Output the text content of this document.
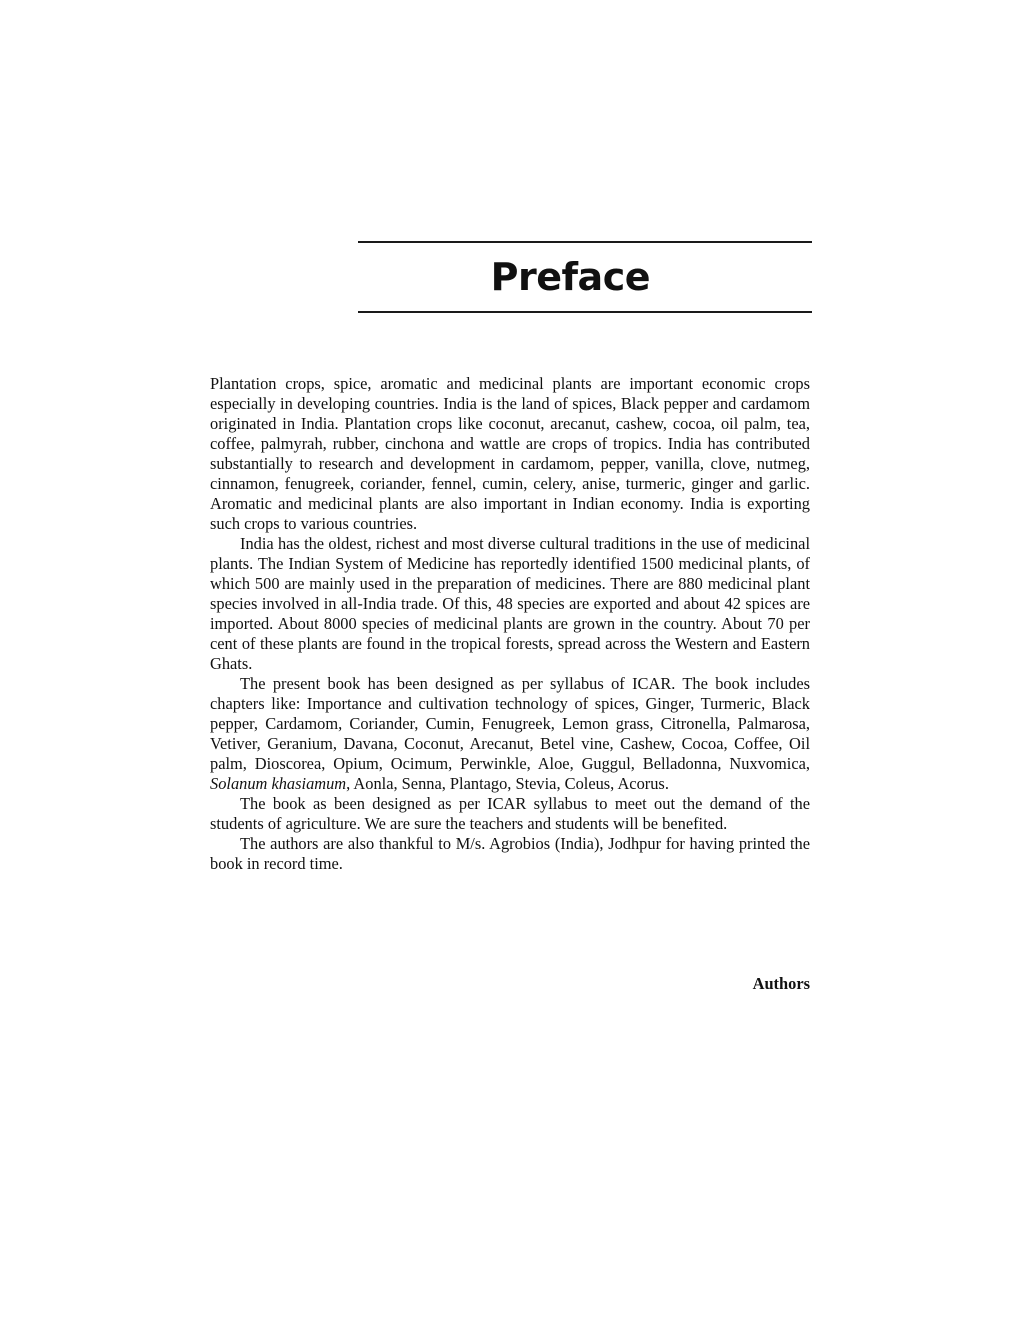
Preface

Plantation crops, spice, aromatic and medicinal plants are important economic crops especially in developing countries. India is the land of spices, Black pepper and cardamom originated in India. Plantation crops like coconut, arecanut, cashew, cocoa, oil palm, tea, coffee, palmyrah, rubber, cinchona and wattle are crops of tropics. India has contributed substantially to research and development in cardamom, pepper, vanilla, clove, nutmeg, cinnamon, fenugreek, coriander, fennel, cumin, celery, anise, turmeric, ginger and garlic. Aromatic and medicinal plants are also important in Indian economy. India is exporting such crops to various countries.

India has the oldest, richest and most diverse cultural traditions in the use of medicinal plants. The Indian System of Medicine has reportedly identified 1500 medicinal plants, of which 500 are mainly used in the preparation of medicines. There are 880 medicinal plant species involved in all-India trade. Of this, 48 species are exported and about 42 spices are imported. About 8000 species of medicinal plants are grown in the country. About 70 per cent of these plants are found in the tropical forests, spread across the Western and Eastern Ghats.

The present book has been designed as per syllabus of ICAR. The book includes chapters like: Importance and cultivation technology of spices, Ginger, Turmeric, Black pepper, Cardamom, Coriander, Cumin, Fenugreek, Lemon grass, Citronella, Palmarosa, Vetiver, Geranium, Davana, Coconut, Arecanut, Betel vine, Cashew, Cocoa, Coffee, Oil palm, Dioscorea, Opium, Ocimum, Perwinkle, Aloe, Guggul, Belladonna, Nuxvomica, Solanum khasiamum, Aonla, Senna, Plantago, Stevia, Coleus, Acorus.

The book as been designed as per ICAR syllabus to meet out the demand of the students of agriculture. We are sure the teachers and students will be benefited.

The authors are also thankful to M/s. Agrobios (India), Jodhpur for having printed the book in record time.

Authors
